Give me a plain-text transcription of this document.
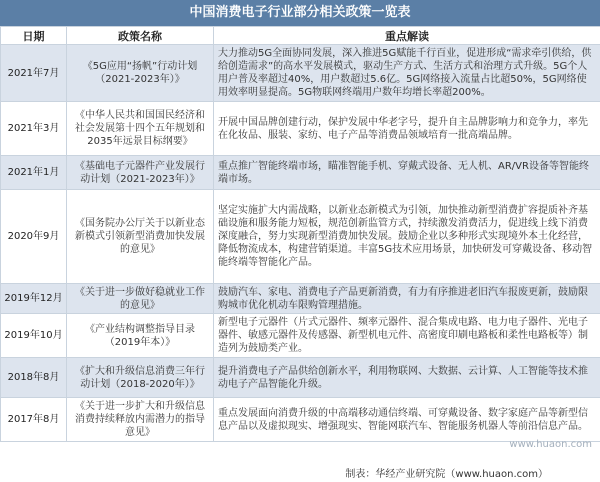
中国消费电子行业部分相关政策一览表
日期	政策名称	重点解读
2021年7月	《5G应用“扬帆”行动计划（2021-2023年）》	大力推动5G全面协同发展，深入推进5G赋能千行百业，促进形成“需求牵引供给，供给创造需求”的高水平发展模式，驱动生产方式、生活方式和治理方式升级。5G个人用户普及率超过40%，用户数超过5.6亿。5G网络接入流量占比超50%，5G网络使用效率明显提高。5G物联网终端用户数年均增长率超200%。
2021年3月	《中华人民共和国国民经济和社会发展第十四个五年规划和2035年远景目标纲要》	开展中国品牌创建行动，保护发展中华老字号，提升自主品牌影响力和竞争力，率先在化妆品、服装、家纺、电子产品等消费品领域培育一批高端品牌。
2021年1月	《基础电子元器件产业发展行动计划（2021-2023年）》	重点推广智能终端市场，瞄准智能手机、穿戴式设备、无人机、AR/VR设备等智能终端市场。
2020年9月	《国务院办公厅关于以新业态新模式引领新型消费加快发展的意见》	坚定实施扩大内需战略，以新业态新模式为引领，加快推动新型消费扩容提质补齐基础设施和服务能力短板，规范创新监管方式，持续激发消费活力，促进线上线下消费深度融合，努力实现新型消费加快发展。鼓励企业以多种形式实现境外本土化经营，降低物流成本，构建营销渠道。丰富5G技术应用场景，加快研发可穿戴设备、移动智能终端等智能化产品。
2019年12月	《关于进一步做好稳就业工作的意见》	鼓励汽车、家电、消费电子产品更新消费，有力有序推进老旧汽车报废更新，鼓励限购城市优化机动车限购管理措施。
2019年10月	《产业结构调整指导目录（2019年本）》	新型电子元器件（片式元器件、频率元器件、混合集成电路、电力电子器件、光电子器件、敏感元器件及传感器、新型机电元件、高密度印刷电路板和柔性电路板等）制造列为鼓励类产业。
2018年8月	《扩大和升级信息消费三年行动计划（2018-2020年）》	提升消费电子产品供给创新水平，利用物联网、大数据、云计算、人工智能等技术推动电子产品智能化升级。
2017年8月	《关于进一步扩大和升级信息消费持续释放内需潜力的指导意见》	重点发展面向消费升级的中高端移动通信终端、可穿戴设备、数字家庭产品等新型信息产品以及虚拟现实、增强现实、智能网联汽车、智能服务机器人等前沿信息产品。
www.huaon.com
制表：华经产业研究院（www.huaon.com）
